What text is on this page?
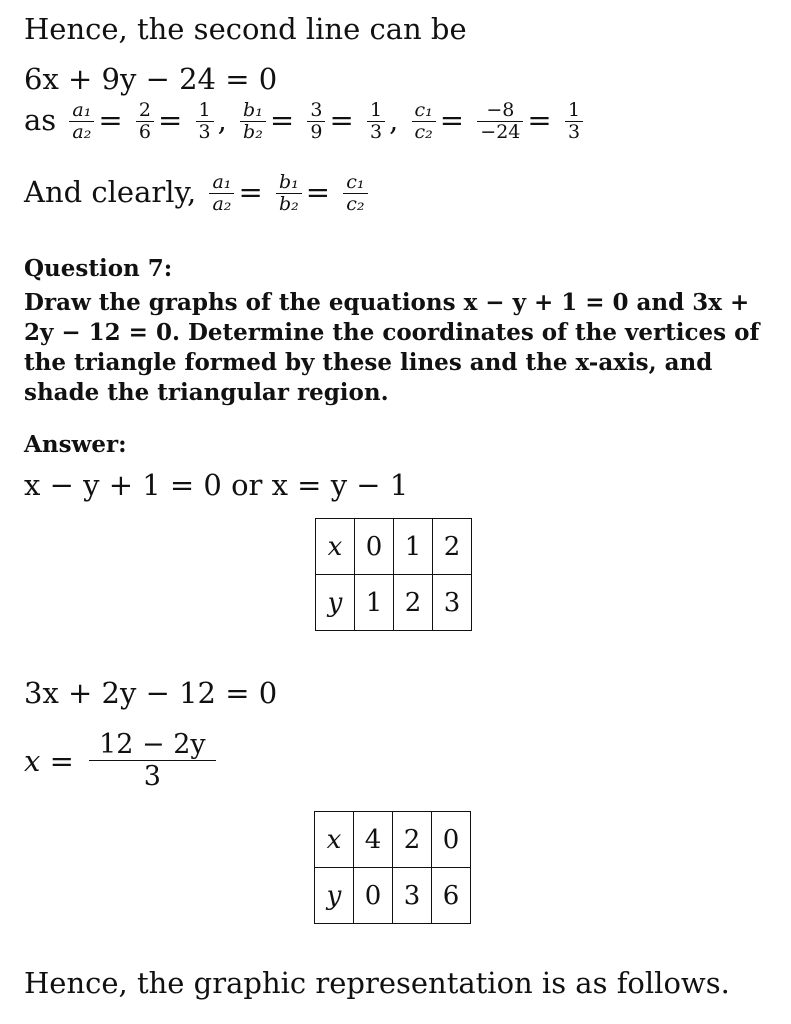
Hence, the second line can be
6x + 9y − 24 = 0
as $\frac{\text{a₁}}{\text{a₂}} = \frac{2}{6} = \frac{1}{3}$ , $\frac{\text{b₁}}{\text{b₂}} = \frac{3}{9} = \frac{1}{3}$ , $\frac{\text{c₁}}{\text{c₂}} = \frac{-8}{-24} = \frac{1}{3}$
And clearly, $\frac{\text{a₁}}{\text{a₂}} = \frac{\text{b₁}}{\text{b₂}} = \frac{\text{c₁}}{\text{c₂}}$
Question 7:
Draw the graphs of the equations x − y + 1 = 0 and 3x +
2y − 12 = 0. Determine the coordinates of the vertices of
the triangle formed by these lines and the x-axis, and
shade the triangular region.
Answer:
x − y + 1 = 0 or x = y − 1
x	0	1	2
y	1	2	3
3x + 2y − 12 = 0
$x = \frac{12 - 2y}{3}$
x	4	2	0
y	0	3	6
Hence, the graphic representation is as follows.
